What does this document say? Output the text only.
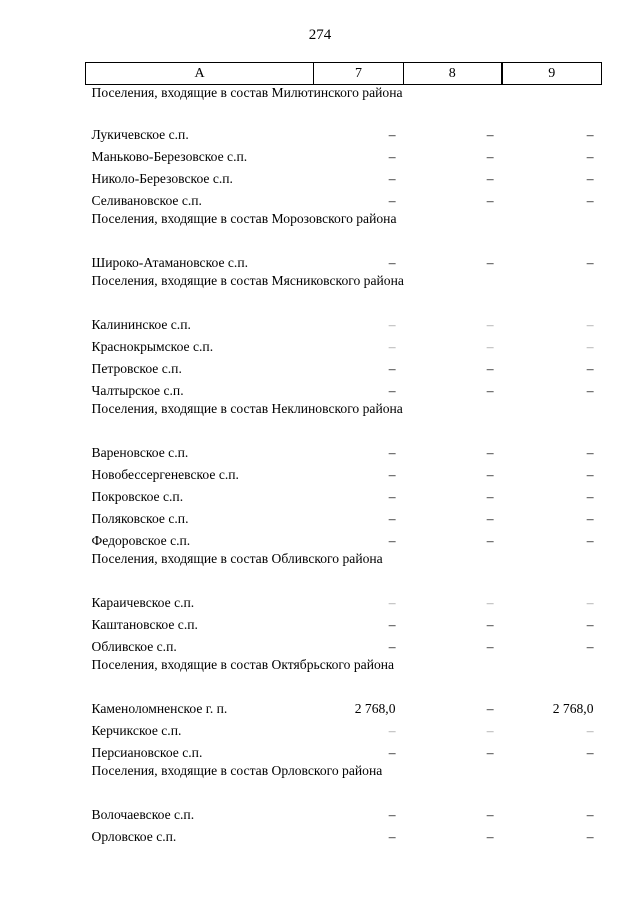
274
А	7	8	9
Поселения, входящие в состав Милютинского района			
Лукичевское с.п.	–	–	–
Маньково-Березовское с.п.	–	–	–
Николо-Березовское с.п.	–	–	–
Селивановское с.п.	–	–	–
Поселения, входящие в состав Морозовского района			
Широко-Атамановское с.п.	–	–	–
Поселения, входящие в состав Мясниковского района			
Калининское с.п.	–	–	–
Краснокрымское с.п.	–	–	–
Петровское с.п.	–	–	–
Чалтырское с.п.	–	–	–
Поселения, входящие в состав Неклиновского района			
Вареновское с.п.	–	–	–
Новобессергеневское с.п.	–	–	–
Покровское с.п.	–	–	–
Поляковское с.п.	–	–	–
Федоровское с.п.	–	–	–
Поселения, входящие в состав Обливского района			
Караичевское с.п.	–	–	–
Каштановское с.п.	–	–	–
Обливское с.п.	–	–	–
Поселения, входящие в состав Октябрьского района			
Каменоломненское г. п.	2 768,0	–	2 768,0
Керчикское с.п.	–	–	–
Персиановское с.п.	–	–	–
Поселения, входящие в состав Орловского района			
Волочаевское с.п.	–	–	–
Орловское с.п.	–	–	–
